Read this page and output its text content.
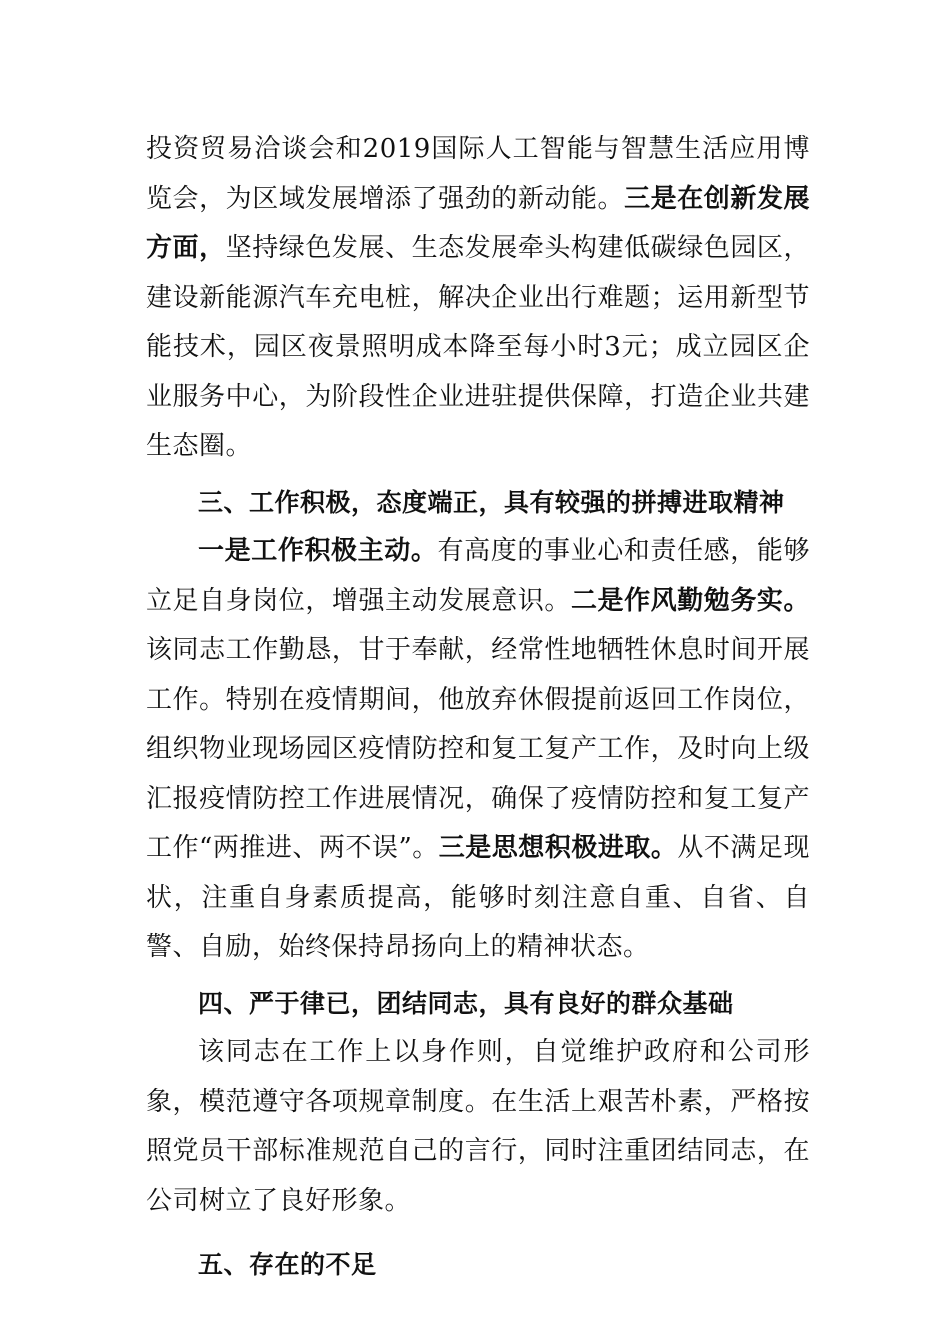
投资贸易洽谈会和2019国际人工智能与智慧生活应用博览会，为区域发展增添了强劲的新动能。三是在创新发展方面，坚持绿色发展、生态发展牵头构建低碳绿色园区，建设新能源汽车充电桩，解决企业出行难题；运用新型节能技术，园区夜景照明成本降至每小时3元；成立园区企业服务中心，为阶段性企业进驻提供保障，打造企业共建生态圈。

三、工作积极，态度端正，具有较强的拼搏进取精神

一是工作积极主动。有高度的事业心和责任感，能够立足自身岗位，增强主动发展意识。二是作风勤勉务实。该同志工作勤恳，甘于奉献，经常性地牺牲休息时间开展工作。特别在疫情期间，他放弃休假提前返回工作岗位，组织物业现场园区疫情防控和复工复产工作，及时向上级汇报疫情防控工作进展情况，确保了疫情防控和复工复产工作“两推进、两不误”。三是思想积极进取。从不满足现状，注重自身素质提高，能够时刻注意自重、自省、自警、自励，始终保持昂扬向上的精神状态。

四、严于律已，团结同志，具有良好的群众基础

该同志在工作上以身作则，自觉维护政府和公司形象，模范遵守各项规章制度。在生活上艰苦朴素，严格按照党员干部标准规范自己的言行，同时注重团结同志，在公司树立了良好形象。

五、存在的不足
